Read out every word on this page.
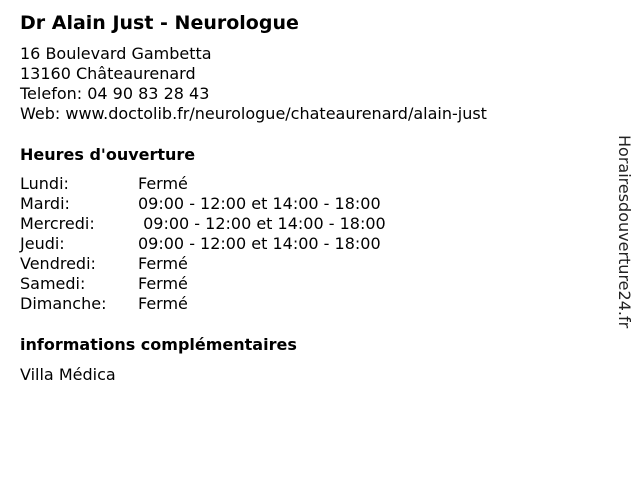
Dr Alain Just - Neurologue
16 Boulevard Gambetta
13160 Châteaurenard
Telefon: 04 90 83 28 43
Web: www.doctolib.fr/neurologue/chateaurenard/alain-just
Heures d'ouverture
Lundi:	Fermé
Mardi:	09:00 - 12:00 et 14:00 - 18:00
Mercredi:	09:00 - 12:00 et 14:00 - 18:00
Jeudi:	09:00 - 12:00 et 14:00 - 18:00
Vendredi:	Fermé
Samedi:	Fermé
Dimanche: Fermé
informations complémentaires
Villa Médica
Horairesdouverture24.fr
